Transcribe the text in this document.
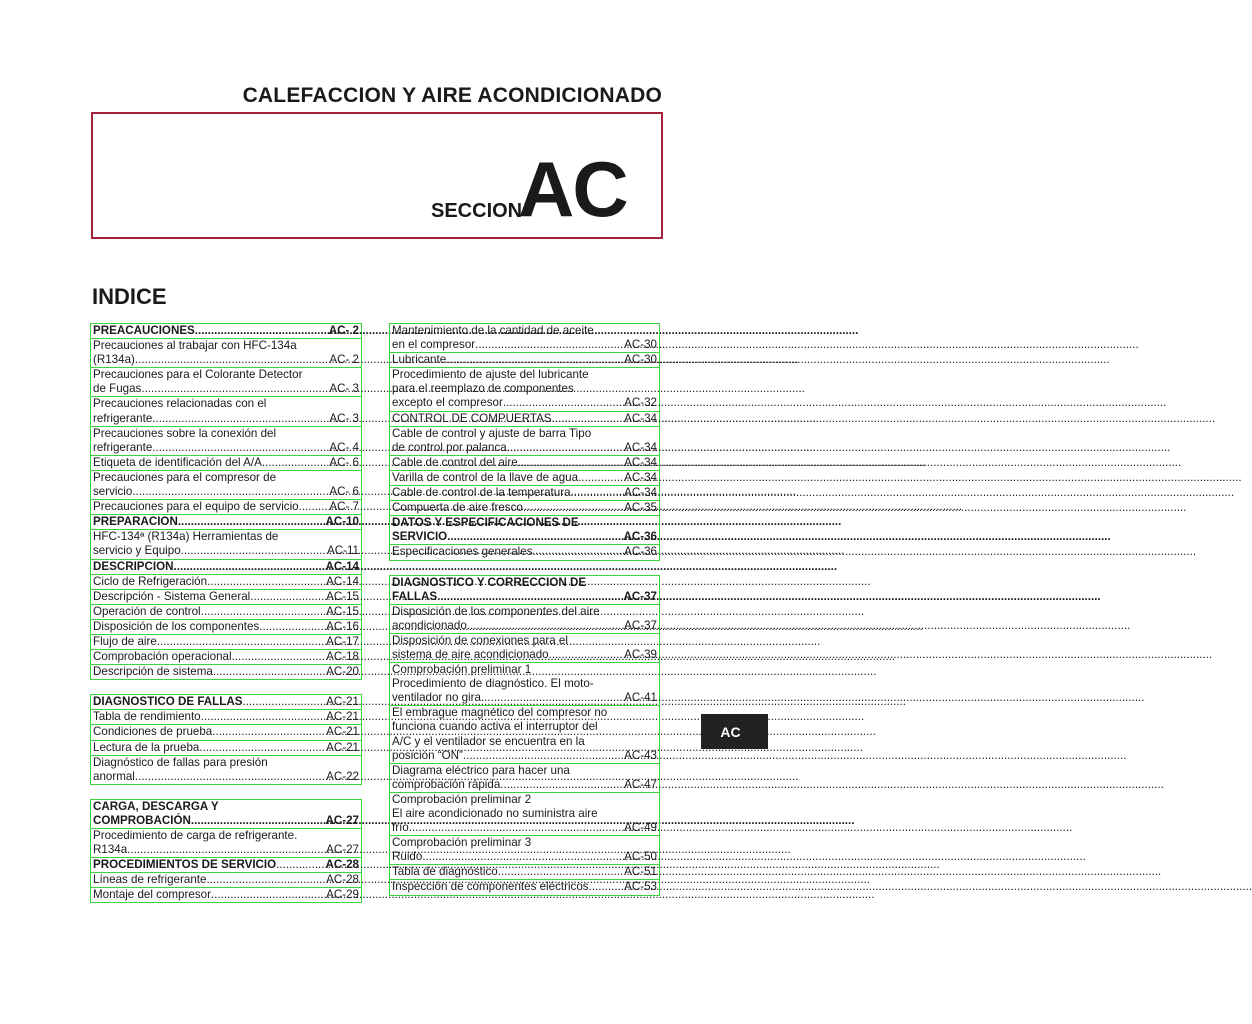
CALEFACCION Y AIRE ACONDICIONADO
SECCION
AC
INDICE
PREACAUCIONES .....	AC- 2
Precauciones al trabajar con HFC-134a
(R134a) .....	AC- 2
Precauciones para el Colorante Detector
de Fugas .....	AC- 3
Precauciones relacionadas con el
refrigerante .....	AC- 3
Precauciones sobre la conexión del
refrigerante .....	AC- 4
Etiqueta de identificación del A/A .....	AC- 6
Precauciones para el compresor de
servicio .....	AC- 6
Precauciones para el equipo de servicio .....	AC- 7
PREPARACION .....	AC-10
HFC-134ª (R134a) Herramientas de
servicio y Equipo .....	AC-11
DESCRIPCION .....	AC-14
Ciclo de Refrigeración .....	AC-14
Descripción - Sistema General .....	AC-15
Operación de control .....	AC-15
Disposición de los componentes .....	AC-16
Flujo de aire .....	AC-17
Comprobación operacional .....	AC-18
Descripción de sistema .....	AC-20
DIAGNOSTICO DE FALLAS .....	AC-21
Tabla de rendimiento .....	AC-21
Condiciones de prueba .....	AC-21
Lectura de la prueba .....	AC-21
Diagnóstico de fallas para presión
anormal .....	AC-22
CARGA, DESCARGA Y
COMPROBACIÓN .....	AC-27
Procedimiento de carga de refrigerante.
R134a .....	AC-27
PROCEDIMIENTOS DE SERVICIO .....	AC-28
Líneas de refrigerante .....	AC-28
Montaje del compresor .....	AC-29
Mantenimiento de la cantidad de aceite
en el compresor .....	AC-30
Lubricante .....	AC-30
Procedimiento de ajuste del lubricante
para el reemplazo de componentes
excepto el compresor .....	AC-32
CONTROL DE COMPUERTAS .....	AC-34
Cable de control y ajuste de barra Tipo
de control por palanca .....	AC-34
Cable de control del aire .....	AC-34
Varilla de control de la llave de agua .....	AC-34
Cable de control de la temperatura .....	AC-34
Compuerta de aire fresco .....	AC-35
DATOS Y ESPECIFICACIONES DE
SERVICIO .....	AC-36
Especificaciones generales .....	AC-36
DIAGNOSTICO Y CORRECCION DE
FALLAS .....	AC-37
Disposición de los componentes del aire
acondicionado .....	AC-37
Disposición de conexiones para el
sistema de aire acondicionado .....	AC-39
Comprobación preliminar 1
Procedimiento de diagnóstico. El moto-
ventilador no gira .....	AC-41
El embrague magnético del compresor no
funciona cuando activa el interruptor del
A/C y el ventilador se encuentra en la
posición “ON” .....	AC-43
Diagrama eléctrico para hacer una
comprobación rápida .....	AC-47
Comprobación preliminar 2
El aire acondicionado no suministra aire
frío .....	AC-49
Comprobación preliminar 3
Ruido .....	AC-50
Tabla de diagnóstico .....	AC-51
Inspección de componentes eléctricos .....	AC-53
AC
